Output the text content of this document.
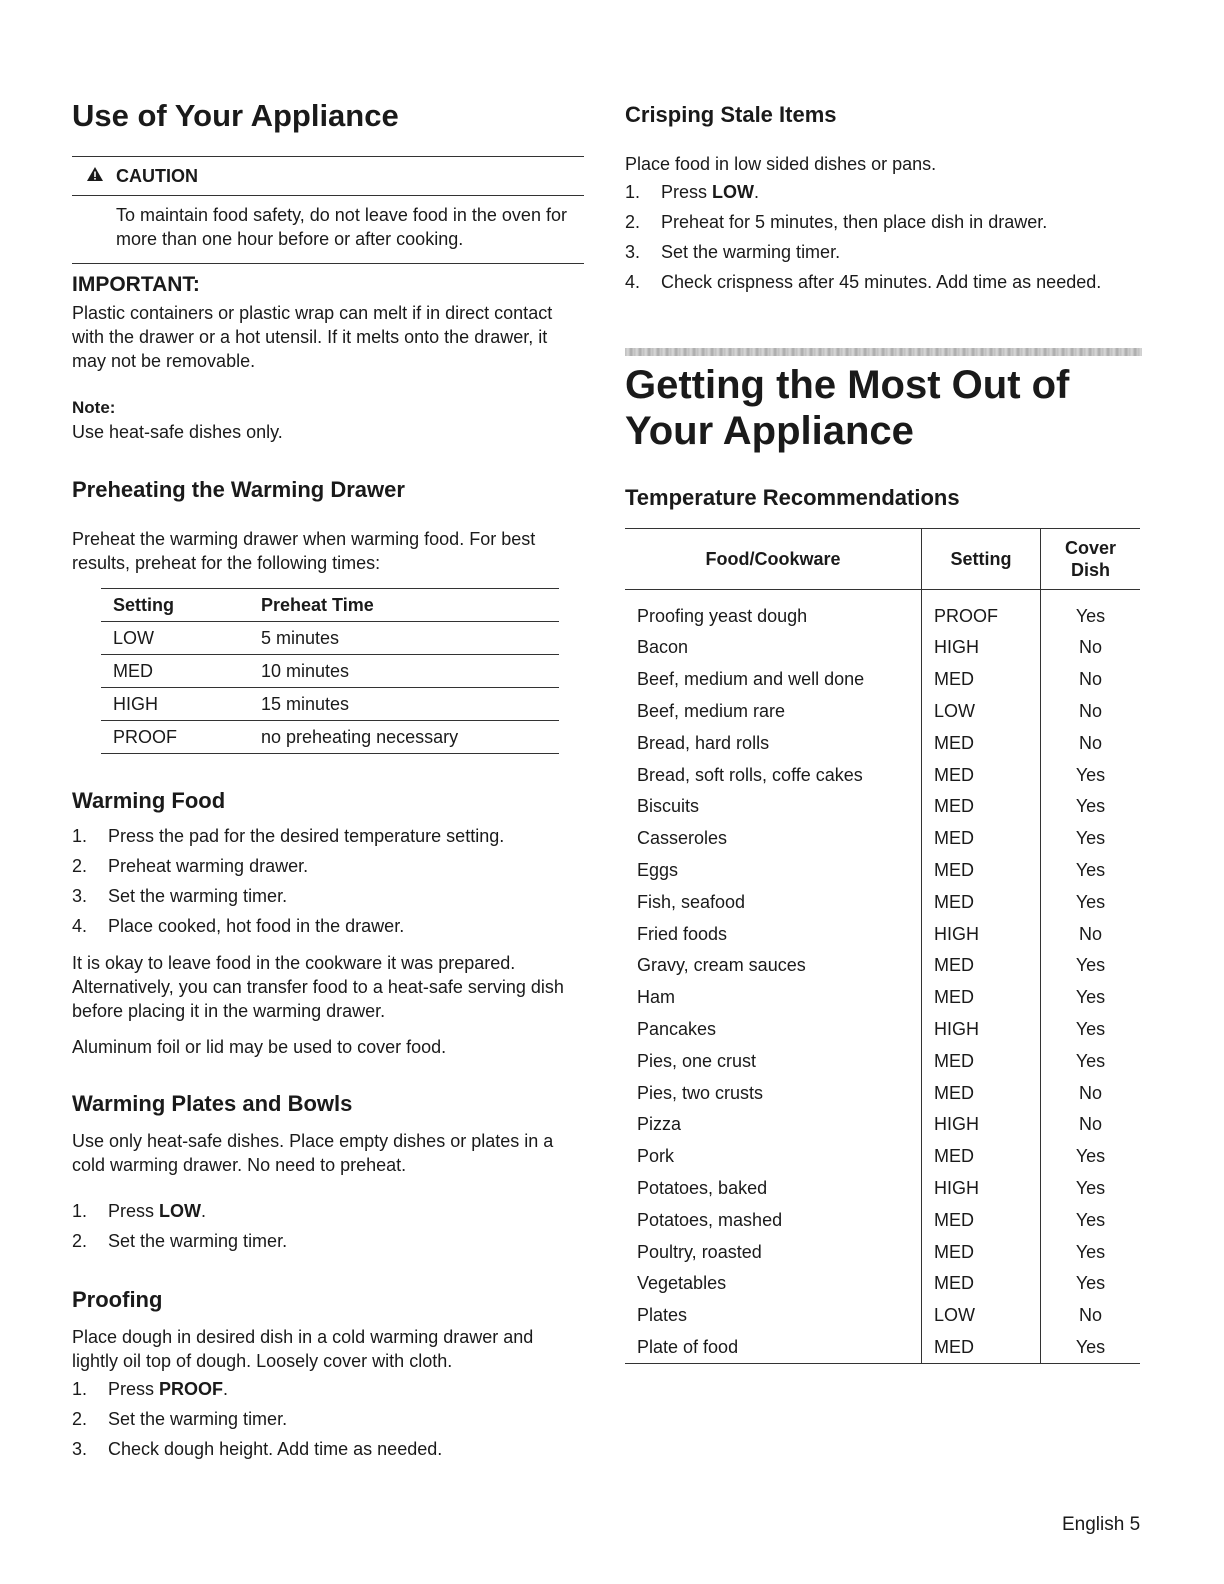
Use of Your Appliance
CAUTION
To maintain food safety, do not leave food in the oven for more than one hour before or after cooking.
IMPORTANT:

Plastic containers or plastic wrap can melt if in direct contact with the drawer or a hot utensil. If it melts onto the drawer, it may not be removable.

Note:

Use heat-safe dishes only.

Preheating the Warming Drawer

Preheat the warming drawer when warming food. For best results, preheat for the following times:

Setting	Preheat Time
LOW	5 minutes
MED	10 minutes
HIGH	15 minutes
PROOF	no preheating necessary
Warming Food
1.	Press the pad for the desired temperature setting.
2.	Preheat warming drawer.
3.	Set the warming timer.
4.	Place cooked, hot food in the drawer.

It is okay to leave food in the cookware it was prepared. Alternatively, you can transfer food to a heat-safe serving dish before placing it in the warming drawer.

Aluminum foil or lid may be used to cover food.

Warming Plates and Bowls

Use only heat-safe dishes. Place empty dishes or plates in a cold warming drawer. No need to preheat.

1.	Press LOW.
2.	Set the warming timer.
Proofing

Place dough in desired dish in a cold warming drawer and lightly oil top of dough. Loosely cover with cloth.

1.	Press PROOF.
2.	Set the warming timer.
3.	Check dough height. Add time as needed.
Crisping Stale Items

Place food in low sided dishes or pans.

1.	Press LOW.
2.	Preheat for 5 minutes, then place dish in drawer.
3.	Set the warming timer.
4.	Check crispness after 45 minutes. Add time as needed.
Getting the Most Out of
Your Appliance
Temperature Recommendations
Food/Cookware	Setting	Cover Dish
Proofing yeast dough	PROOF	Yes
Bacon	HIGH	No
Beef, medium and well done	MED	No
Beef, medium rare	LOW	No
Bread, hard rolls	MED	No
Bread, soft rolls, coffe cakes	MED	Yes
Biscuits	MED	Yes
Casseroles	MED	Yes
Eggs	MED	Yes
Fish, seafood	MED	Yes
Fried foods	HIGH	No
Gravy, cream sauces	MED	Yes
Ham	MED	Yes
Pancakes	HIGH	Yes
Pies, one crust	MED	Yes
Pies, two crusts	MED	No
Pizza	HIGH	No
Pork	MED	Yes
Potatoes, baked	HIGH	Yes
Potatoes, mashed	MED	Yes
Poultry, roasted	MED	Yes
Vegetables	MED	Yes
Plates	LOW	No
Plate of food	MED	Yes
English 5
